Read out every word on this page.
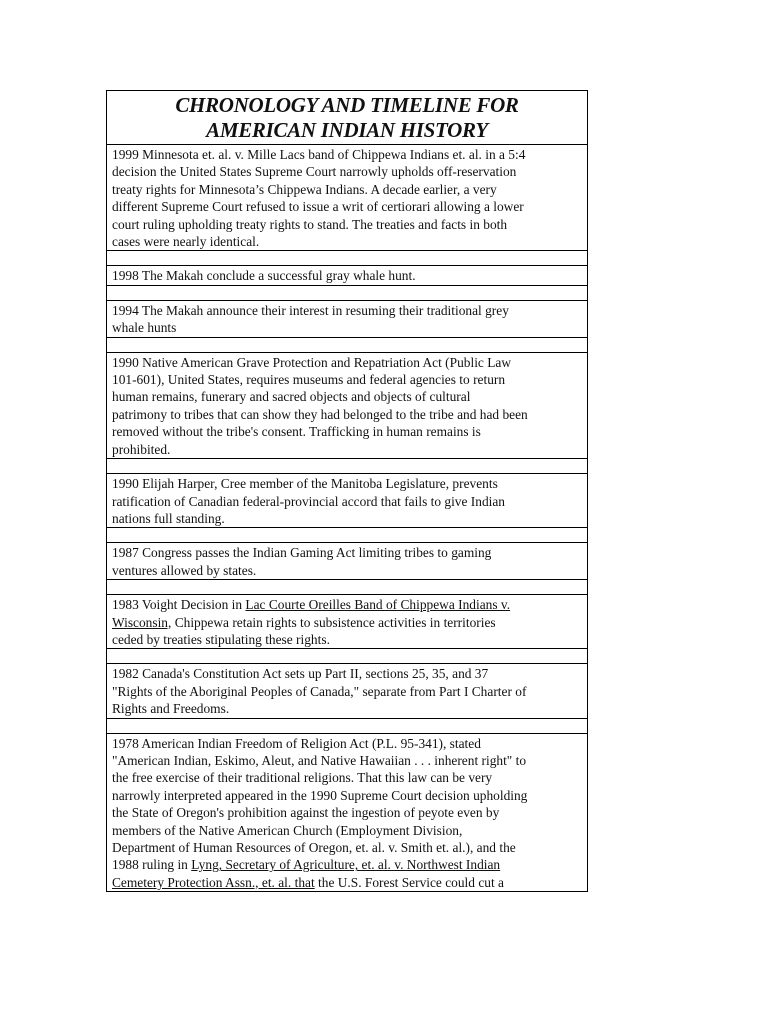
CHRONOLOGY AND TIMELINE FOR
AMERICAN INDIAN HISTORY
1999 Minnesota et. al. v. Mille Lacs band of Chippewa Indians et. al. in a 5:4
decision the United States Supreme Court narrowly upholds off-reservation
treaty rights for Minnesota’s Chippewa Indians. A decade earlier, a very
different Supreme Court refused to issue a writ of certiorari allowing a lower
court ruling upholding treaty rights to stand. The treaties and facts in both
cases were nearly identical.
1998 The Makah conclude a successful gray whale hunt.
1994 The Makah announce their interest in resuming their traditional grey
whale hunts
1990 Native American Grave Protection and Repatriation Act (Public Law
101-601), United States, requires museums and federal agencies to return
human remains, funerary and sacred objects and objects of cultural
patrimony to tribes that can show they had belonged to the tribe and had been
removed without the tribe's consent. Trafficking in human remains is
prohibited.
1990 Elijah Harper, Cree member of the Manitoba Legislature, prevents
ratification of Canadian federal-provincial accord that fails to give Indian
nations full standing.
1987 Congress passes the Indian Gaming Act limiting tribes to gaming
ventures allowed by states.
1983 Voight Decision in Lac Courte Oreilles Band of Chippewa Indians v.
Wisconsin, Chippewa retain rights to subsistence activities in territories
ceded by treaties stipulating these rights.
1982 Canada's Constitution Act sets up Part II, sections 25, 35, and 37
"Rights of the Aboriginal Peoples of Canada," separate from Part I Charter of
Rights and Freedoms.
1978 American Indian Freedom of Religion Act (P.L. 95-341), stated
"American Indian, Eskimo, Aleut, and Native Hawaiian . . . inherent right" to
the free exercise of their traditional religions. That this law can be very
narrowly interpreted appeared in the 1990 Supreme Court decision upholding
the State of Oregon's prohibition against the ingestion of peyote even by
members of the Native American Church (Employment Division,
Department of Human Resources of Oregon, et. al. v. Smith et. al.), and the
1988 ruling in Lyng, Secretary of Agriculture, et. al. v. Northwest Indian
Cemetery Protection Assn., et. al. that the U.S. Forest Service could cut a
